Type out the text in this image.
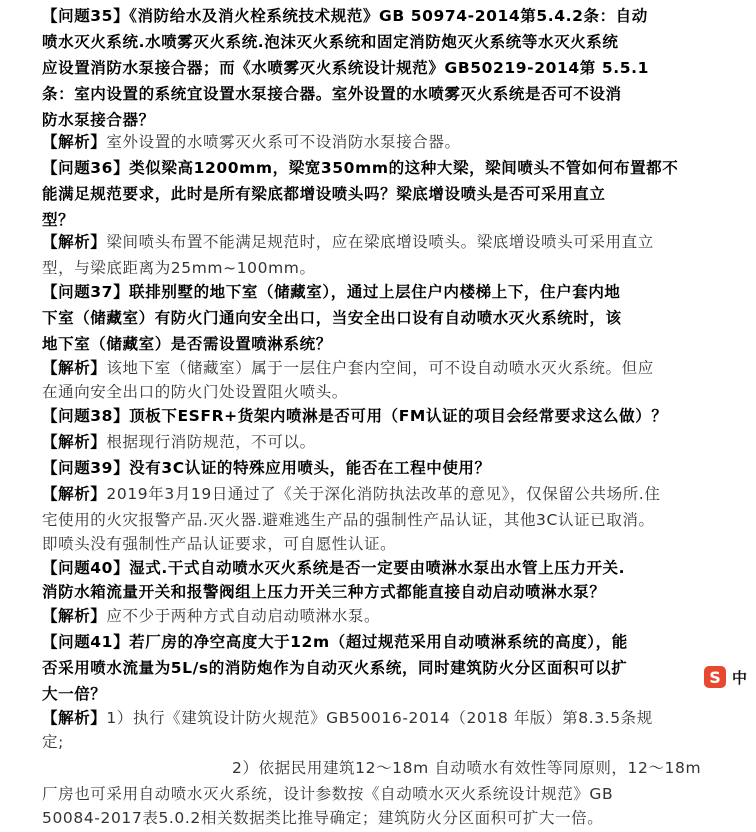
【问题35】《消防给水及消火栓系统技术规范》GB 50974-2014第5.4.2条：自动
喷水灭火系统.水喷雾灭火系统.泡沫灭火系统和固定消防炮灭火系统等水灭火系统
应设置消防水泵接合器；而《水喷雾灭火系统设计规范》GB50219-2014第 5.5.1
条：室内设置的系统宜设置水泵接合器。室外设置的水喷雾灭火系统是否可不设消
防水泵接合器？
【解析】室外设置的水喷雾灭火系可不设消防水泵接合器。
【问题36】类似梁高1200mm，梁宽350mm的这种大梁，梁间喷头不管如何布置都不
能满足规范要求，此时是所有梁底都增设喷头吗？梁底增设喷头是否可采用直立
型？
【解析】梁间喷头布置不能满足规范时，应在梁底增设喷头。梁底增设喷头可采用直立
型，与梁底距离为25mm~100mm。
【问题37】联排别墅的地下室（储藏室），通过上层住户内楼梯上下，住户套内地
下室（储藏室）有防火门通向安全出口，当安全出口设有自动喷水灭火系统时，该
地下室（储藏室）是否需设置喷淋系统？
【解析】该地下室（储藏室）属于一层住户套内空间，可不设自动喷水灭火系统。但应
在通向安全出口的防火门处设置阻火喷头。
【问题38】顶板下ESFR+货架内喷淋是否可用（FM认证的项目会经常要求这么做）？
【解析】根据现行消防规范，不可以。
【问题39】没有3C认证的特殊应用喷头，能否在工程中使用？
【解析】2019年3月19日通过了《关于深化消防执法改革的意见》，仅保留公共场所.住
宅使用的火灾报警产品.灭火器.避难逃生产品的强制性产品认证，其他3C认证已取消。
即喷头没有强制性产品认证要求，可自愿性认证。
【问题40】湿式.干式自动喷水灭火系统是否一定要由喷淋水泵出水管上压力开关.
消防水箱流量开关和报警阀组上压力开关三种方式都能直接自动启动喷淋水泵？
【解析】应不少于两种方式自动启动喷淋水泵。
【问题41】若厂房的净空高度大于12m（超过规范采用自动喷淋系统的高度），能
否采用喷水流量为5L/s的消防炮作为自动灭火系统，同时建筑防火分区面积可以扩
大一倍？
【解析】1）执行《建筑设计防火规范》GB50016-2014（2018 年版）第8.3.5条规
定;
2）依据民用建筑12～18m 自动喷水有效性等同原则，12～18m
厂房也可采用自动喷水灭火系统，设计参数按《自动喷水灭火系统设计规范》GB
50084-2017表5.0.2相关数据类比推导确定；建筑防火分区面积可扩大一倍。
S 中
